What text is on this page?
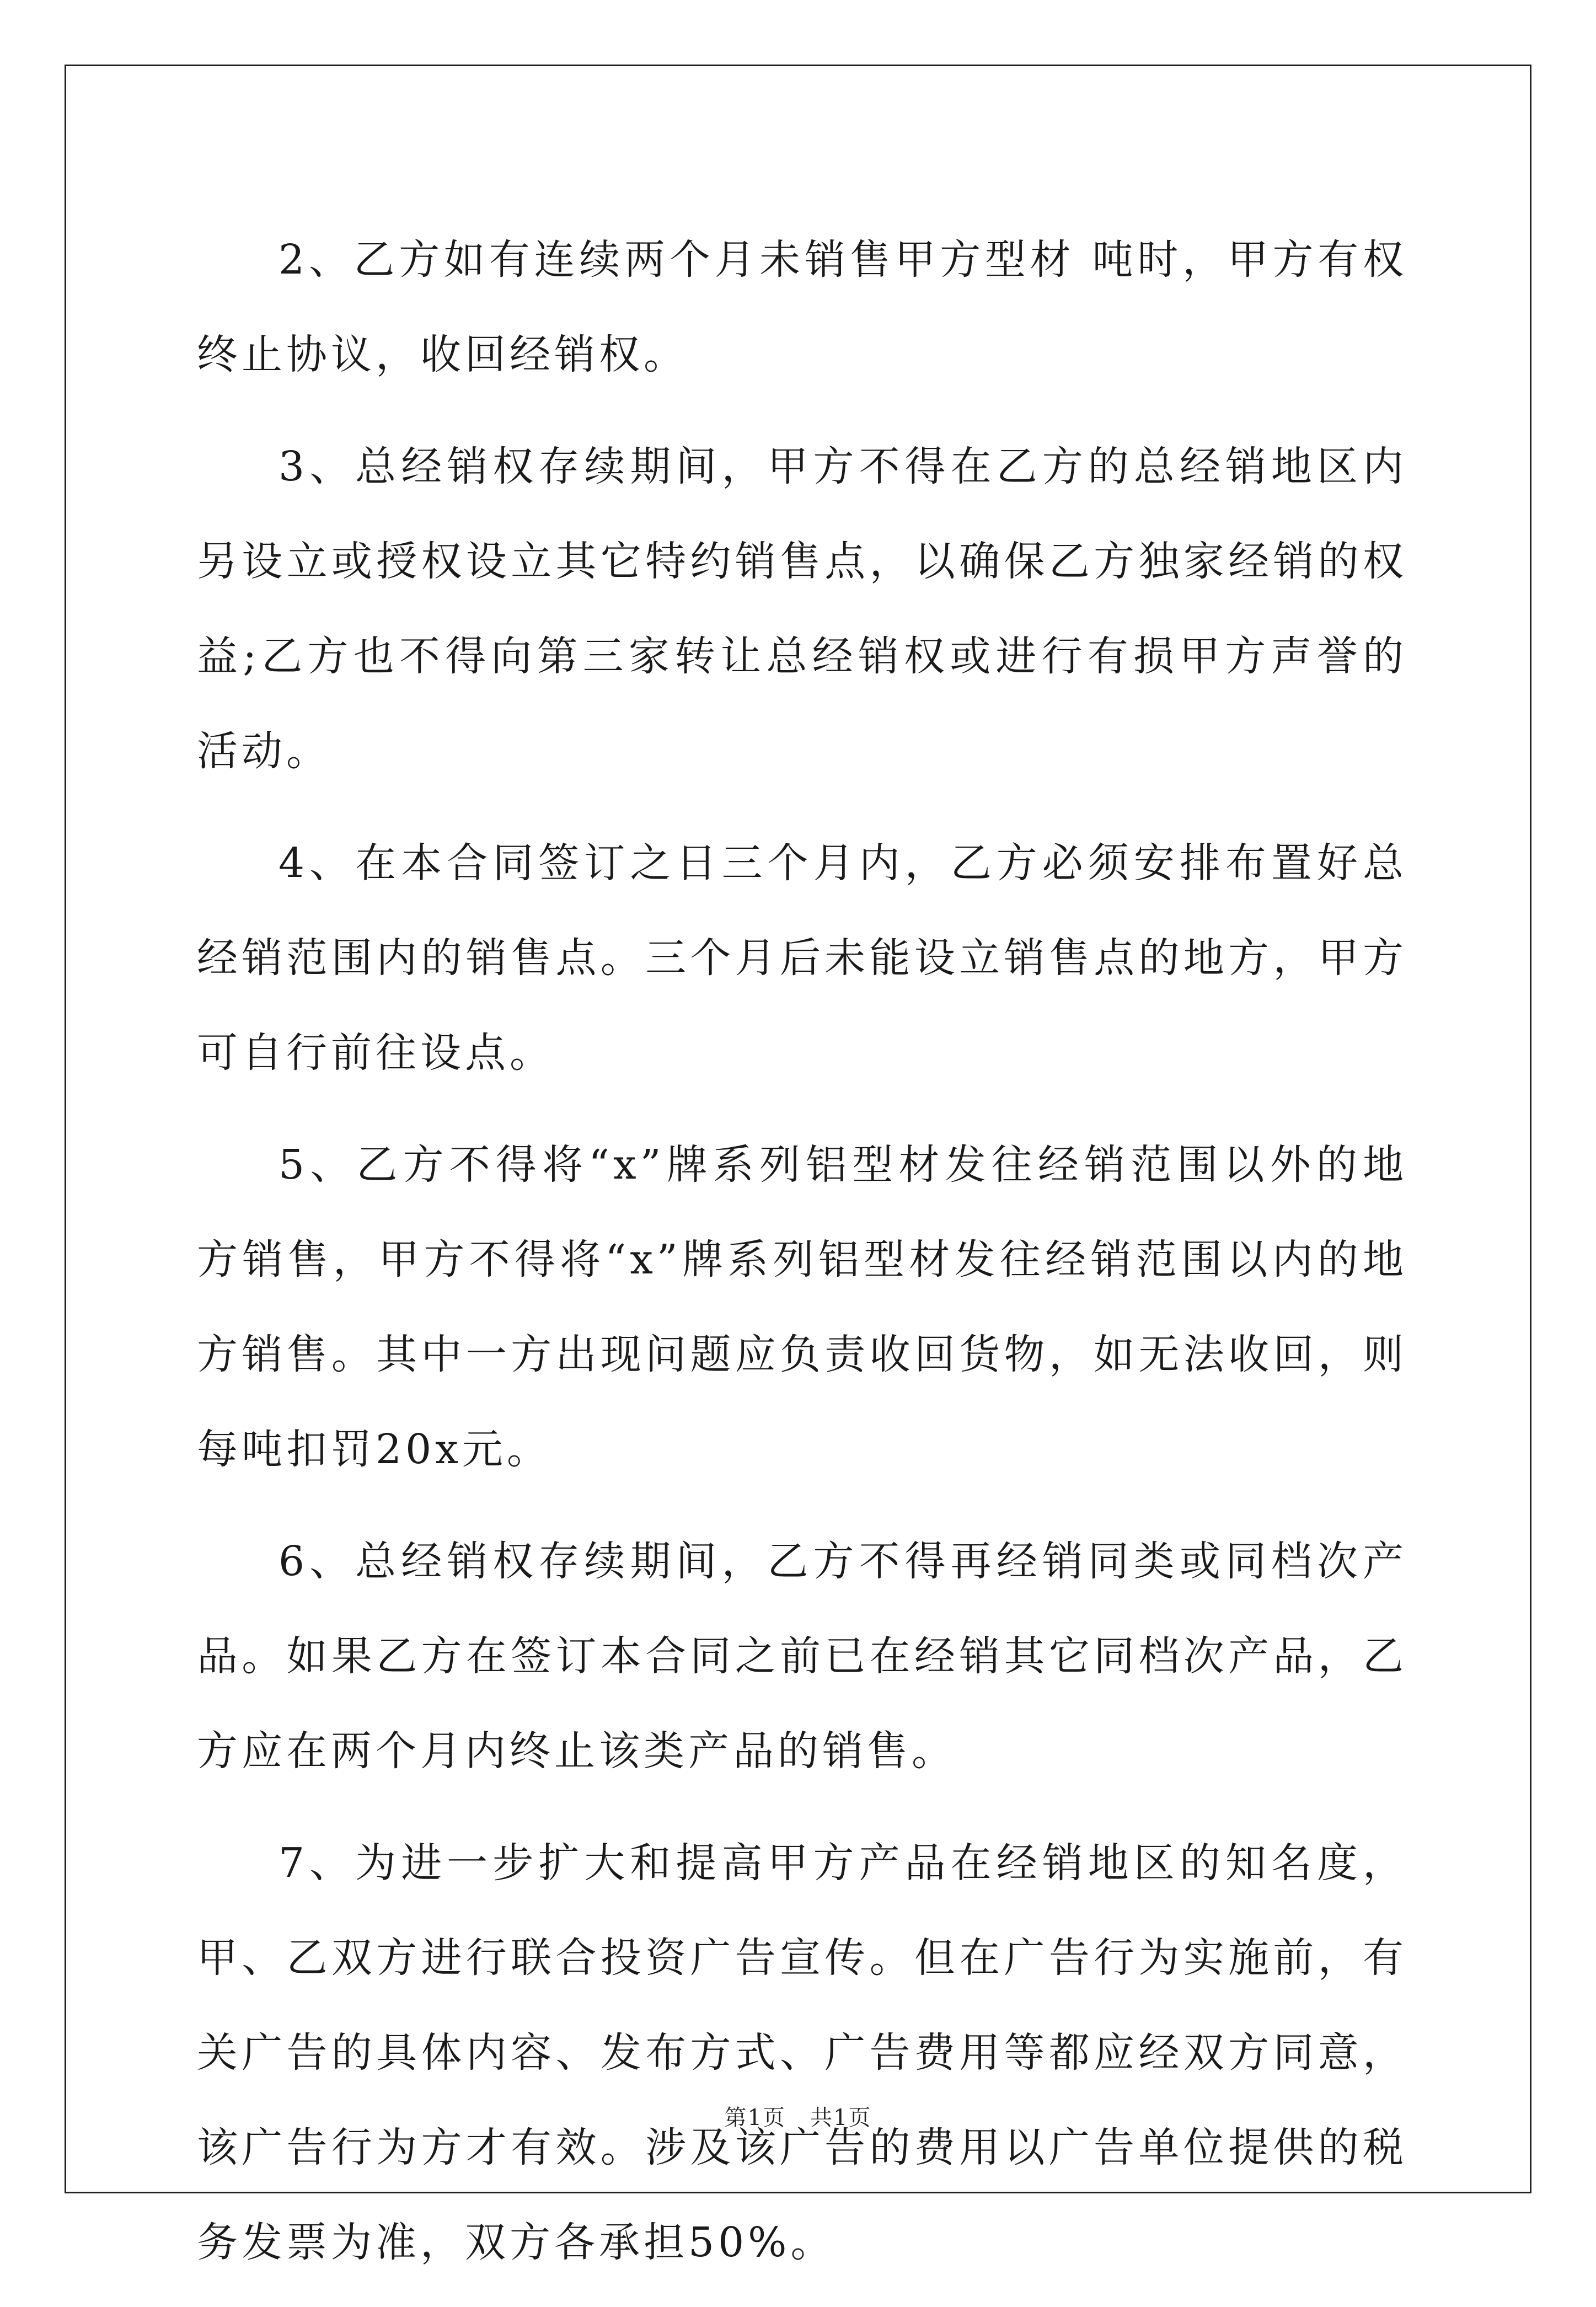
2、乙方如有连续两个月未销售甲方型材 吨时，甲方有权终止协议，收回经销权。

3、总经销权存续期间，甲方不得在乙方的总经销地区内另设立或授权设立其它特约销售点，以确保乙方独家经销的权益;乙方也不得向第三家转让总经销权或进行有损甲方声誉的活动。

4、在本合同签订之日三个月内，乙方必须安排布置好总经销范围内的销售点。三个月后未能设立销售点的地方，甲方可自行前往设点。

5、乙方不得将“x”牌系列铝型材发往经销范围以外的地方销售，甲方不得将“x”牌系列铝型材发往经销范围以内的地方销售。其中一方出现问题应负责收回货物，如无法收回，则每吨扣罚20x元。

6、总经销权存续期间，乙方不得再经销同类或同档次产品。如果乙方在签订本合同之前已在经销其它同档次产品，乙方应在两个月内终止该类产品的销售。

7、为进一步扩大和提高甲方产品在经销地区的知名度，甲、乙双方进行联合投资广告宣传。但在广告行为实施前，有关广告的具体内容、发布方式、广告费用等都应经双方同意，该广告行为方才有效。涉及该广告的费用以广告单位提供的税务发票为准，双方各承担50%。

第1页 共1页
